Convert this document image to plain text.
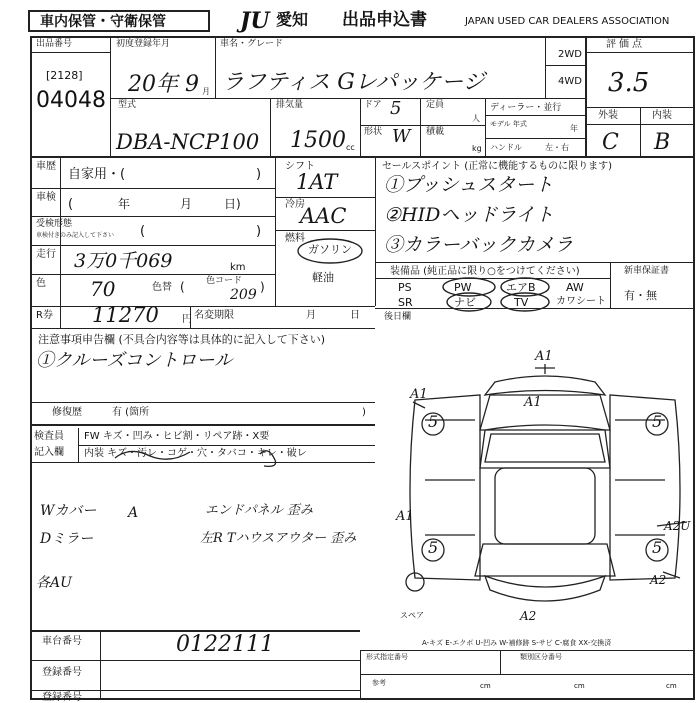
車内保管・守衛保管	JU 愛知 出品申込書	JAPAN USED CAR DEALERS ASSOCIATION
出品番号
[2128]
04048
初度登録年月
20年 9 月
車名・グレード
ラフティス Gレパッケージ
2WD
4WD
評価点
3.5
外装	内装
C B
型式
DBA-NCP100
排気量
1500 cc
ドア 5
形状 W
定員
人
積載
kg
ディーラー・並行
モデル 年式	年
ハンドル	左・右
車歴
自家用・(	)
車検 (	年	月	日)
受検形態
車検付きのみ記入して下さい (	)
走行 3万0千069	km
色 70	色替 (	)
色コード
209
シフト
1AT
冷房
AAC
燃料
ガソリン
軽油
R券 11270 円 名変期限	月	日
セールスポイント (正常に機能するものに限ります)
①プッシュスタート
②HIDヘッドライト
③カラーバックカメラ
装備品 (純正品に限り○をつけてください)	新車保証書
有・無
PS	PW	エアB	AW
SR	ナビ	TV	カワシート
後日欄
注意事項申告欄 (不具合内容等は具体的に記入して下さい)
①クルーズコントロール
修復歴	有 (箇所	)
検査員
記入欄
FW キズ・凹み・ヒビ割・リペア跡・X要
内装 キズ・汚レ・コゲ・穴・タバコ・キレ・破レ
Wカバー A	エンドパネル 歪み
Dミラー	左R Tハウスアウター 歪み
各AU
A1
A1
A1
5	5
A1
5	5
A2U
A2
A2
スペア
A-キズ E-エクボ U-凹み W-補修跡 S-サビ C-腐食 XX-交換済
車台番号	0122111
登録番号
登録番号
形式指定番号	類別区分番号
参考	cm	cm	cm
